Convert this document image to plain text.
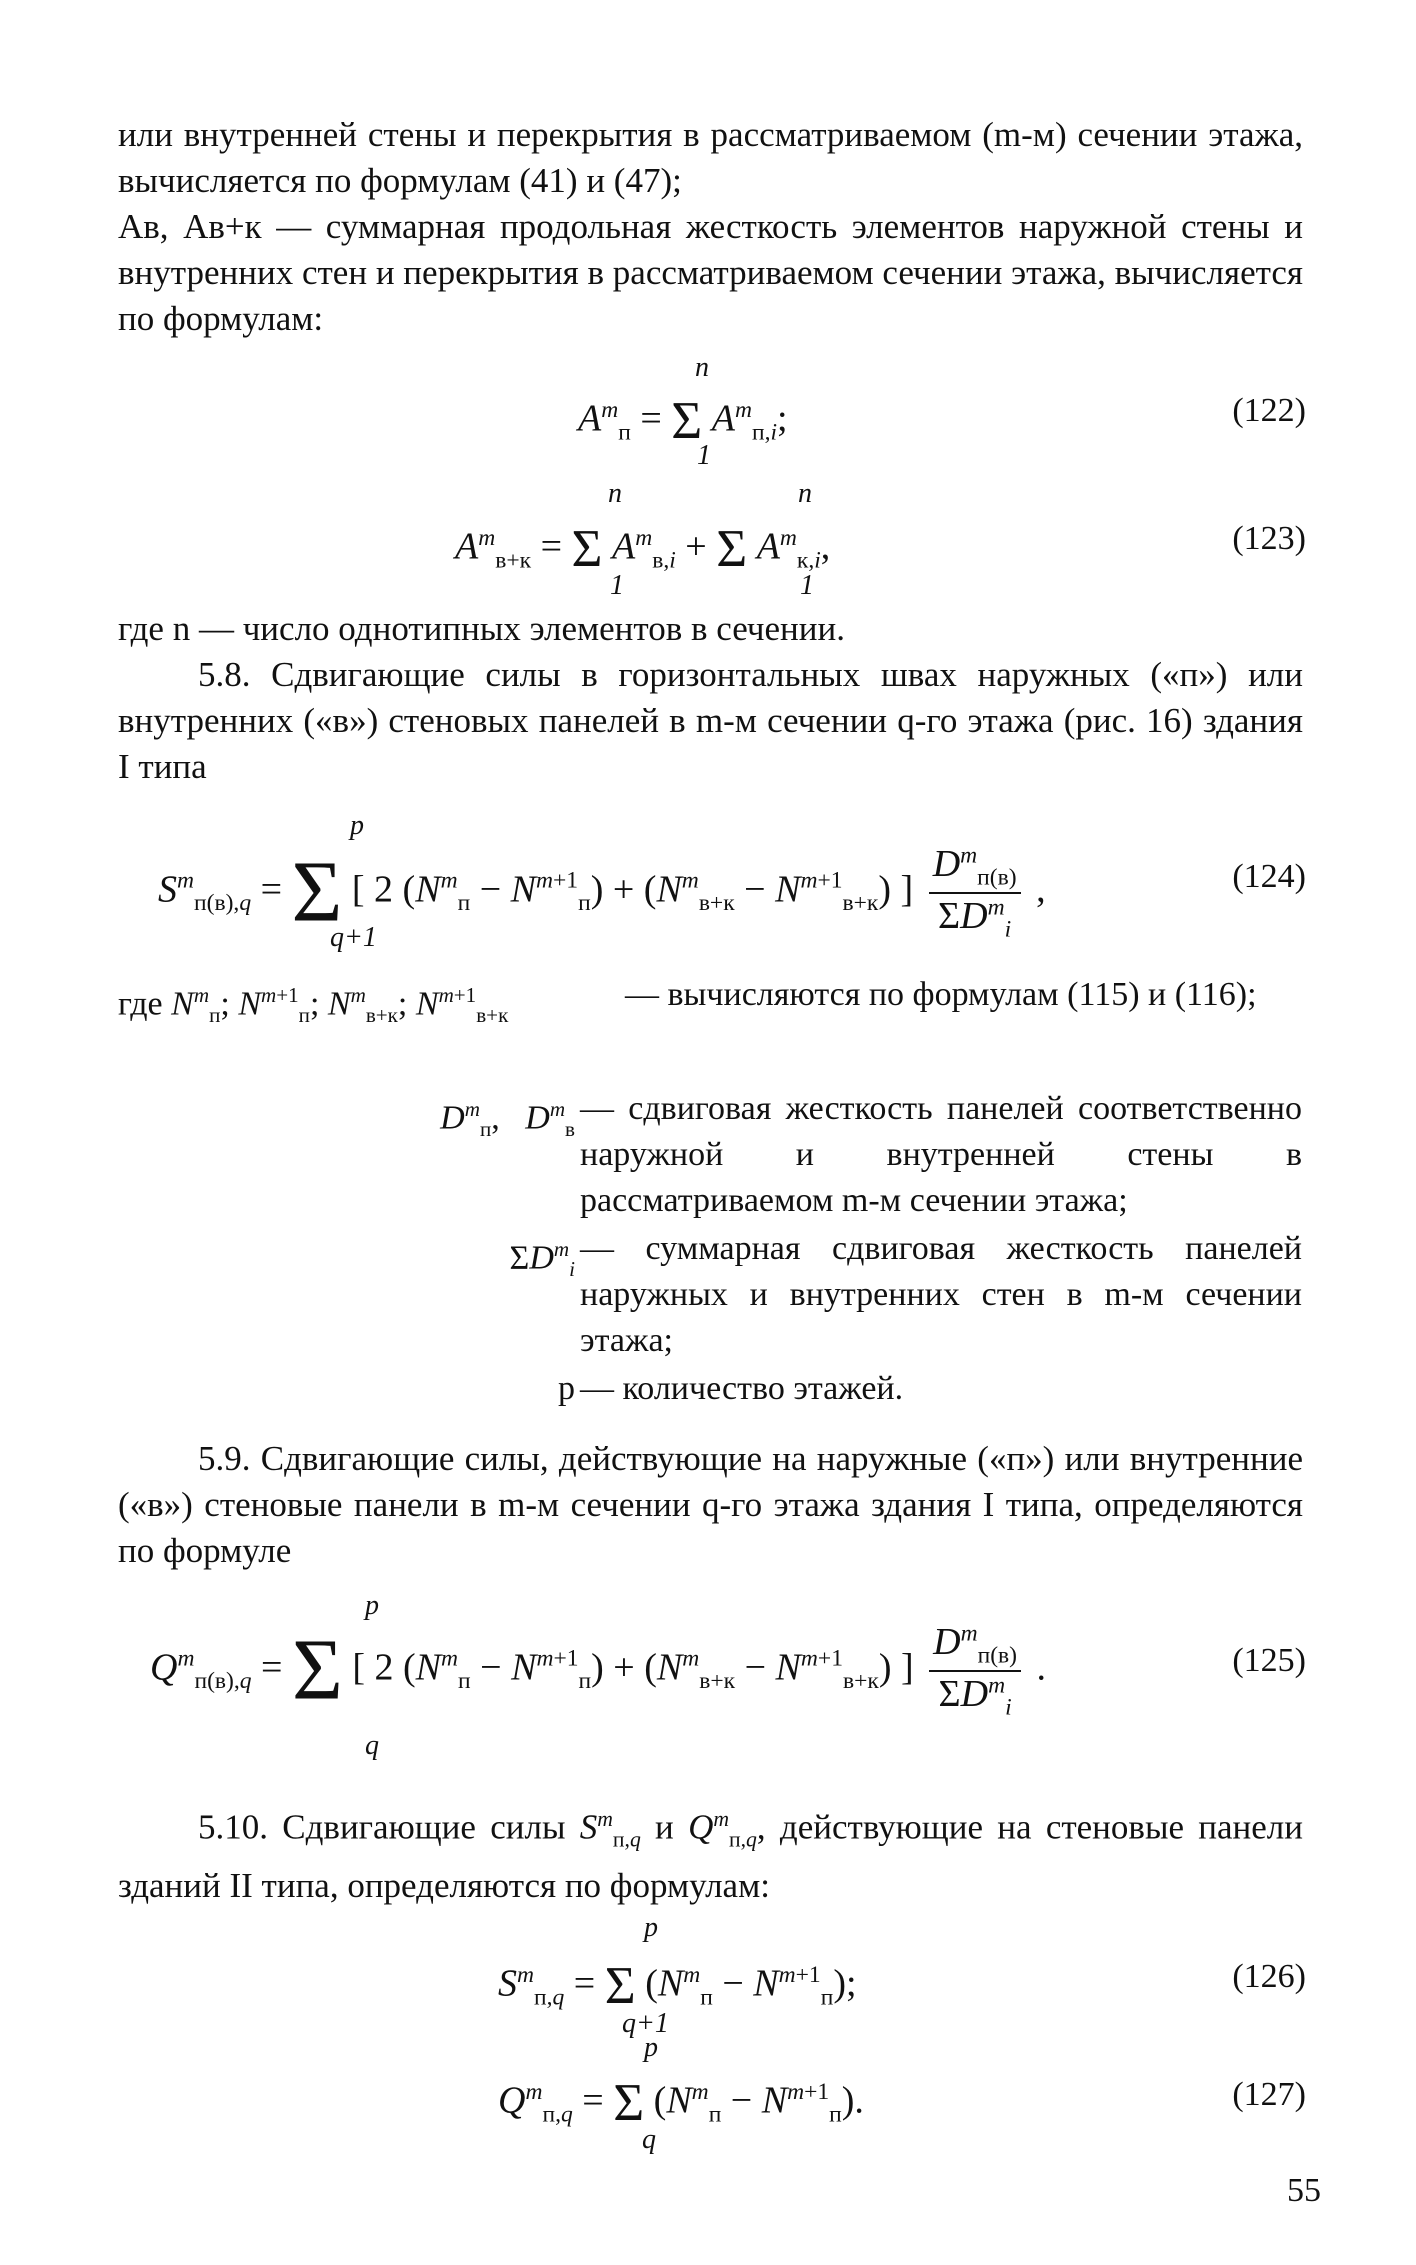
или внутренней стены и перекрытия в рассматриваемом (m-м) сечении этажа, вычисляется по формулам (41) и (47);
Aв, Aв+к — суммарная продольная жесткость элементов наружной стены и внутренних стен и перекрытия в рассматриваемом сечении этажа, вычисляется по формулам:
$A^m_п = \Sigma$ $A^m_{п,i}$;
n
1
(122)
$A^m_{в+к} = \Sigma$ $A^m_{в,i} + \Sigma$ $A^m_{к,i}$,
n
1
n
1
(123)
где n — число однотипных элементов в сечении.
5.8. Сдвигающие силы в горизонтальных швах наружных («п») или внутренних («в») стеновых панелей в m-м сечении q-го этажа (рис. 16) здания I типа
$S^m_{п(в),q} = \Sigma$ [ 2 $(N^m_п - N^{m+1}_п) + (N^m_{в+к} - N^{m+1}_{в+к})$ ] $\frac{D^m_{п(в)}}{\Sigma D^m_i}$ ,
p
q+1
(124)
где $N^m_п$; $N^{m+1}_п$; $N^m_{в+к}$; $N^{m+1}_{в+к}$
— вычисляются по формулам (115) и (116);
$D^m_п$,   $D^m_в$
— сдвиговая жесткость панелей соответственно наружной и внутренней стены в рассматриваемом m-м сечении этажа;
$\Sigma D^m_i$
— суммарная сдвиговая жесткость панелей наружных и внутренних стен в m-м сечении этажа;
p — количество этажей.
5.9. Сдвигающие силы, действующие на наружные («п») или внутренние («в») стеновые панели в m-м сечении q-го этажа здания I типа, определяются по формуле
$Q^m_{п(в),q} = \Sigma$ [ 2 $(N^m_п - N^{m+1}_п) + (N^m_{в+к} - N^{m+1}_{в+к})$ ] $\frac{D^m_{п(в)}}{\Sigma D^m_i}$ .
p
q
(125)
5.10. Сдвигающие силы $S^m_{п,q}$ и $Q^m_{п,q}$, действующие на стеновые панели зданий II типа, определяются по формулам:
$S^m_{п,q} = \Sigma$ $(N^m_п - N^{m+1}_п)$;
p
q+1
(126)
$Q^m_{п,q} = \Sigma$ $(N^m_п - N^{m+1}_п)$.
p
q
(127)
55
